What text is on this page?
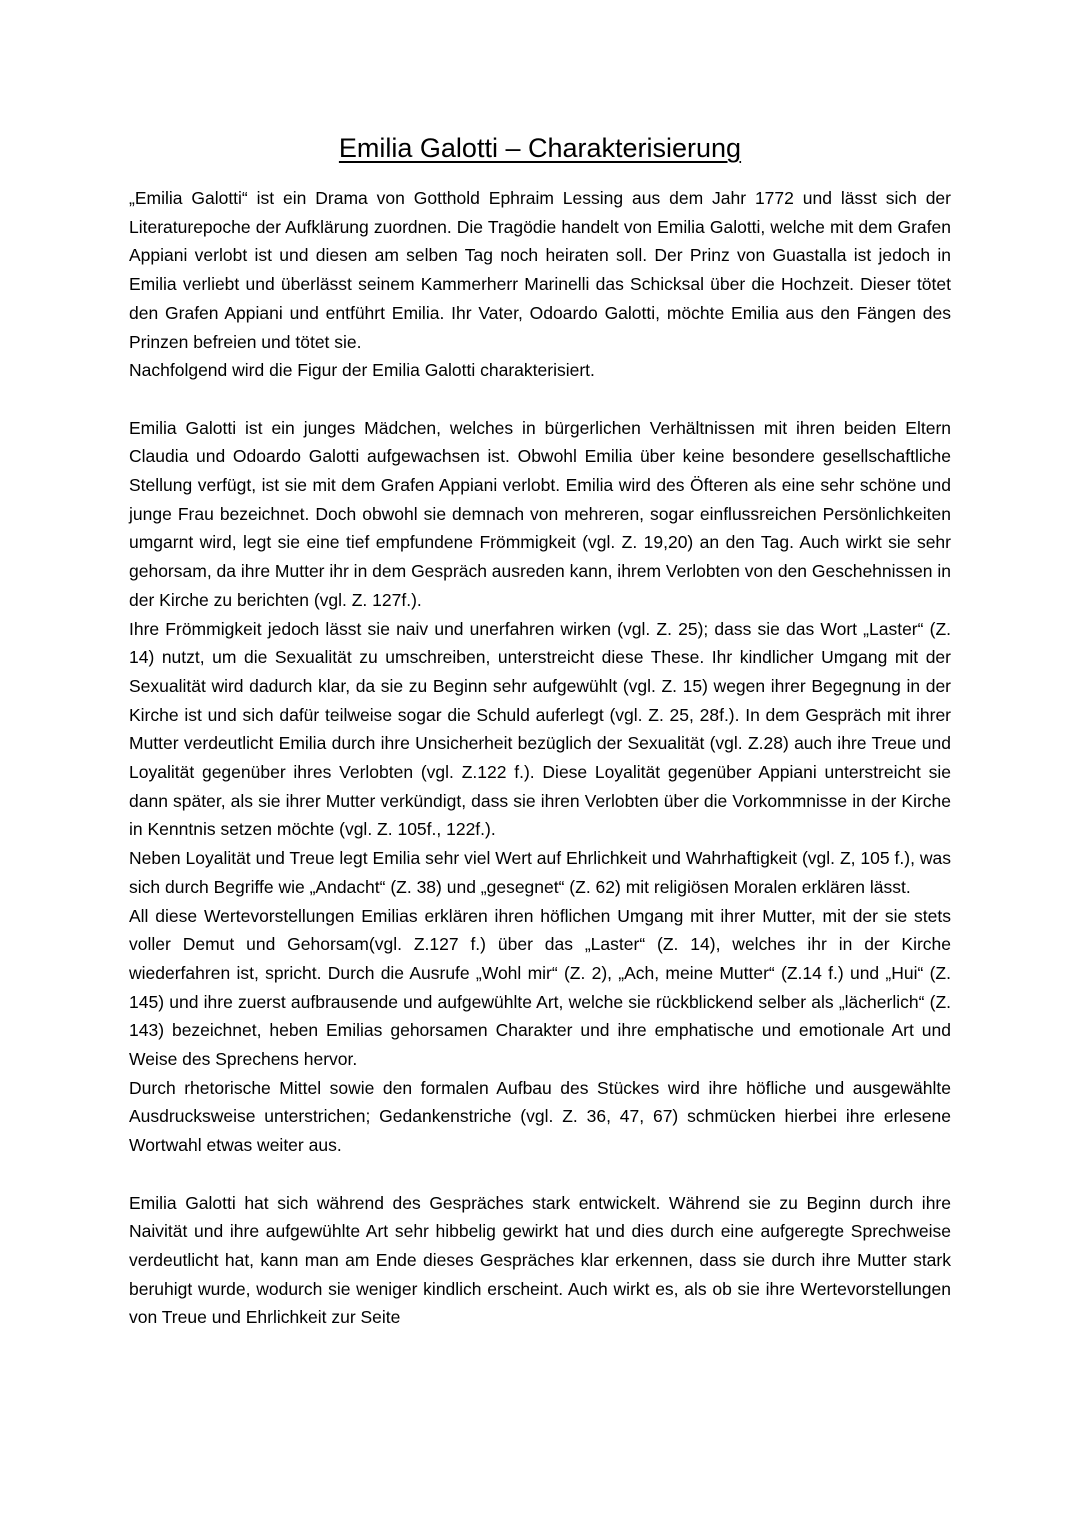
Emilia Galotti – Charakterisierung

„Emilia Galotti“ ist ein Drama von Gotthold Ephraim Lessing aus dem Jahr 1772 und lässt sich der Literaturepoche der Aufklärung zuordnen. Die Tragödie handelt von Emilia Galotti, welche mit dem Grafen Appiani verlobt ist und diesen am selben Tag noch heiraten soll. Der Prinz von Guastalla ist jedoch in Emilia verliebt und überlässt seinem Kammerherr Marinelli das Schicksal über die Hochzeit. Dieser tötet den Grafen Appiani und entführt Emilia. Ihr Vater, Odoardo Galotti, möchte Emilia aus den Fängen des Prinzen befreien und tötet sie.

Nachfolgend wird die Figur der Emilia Galotti charakterisiert.

Emilia Galotti ist ein junges Mädchen, welches in bürgerlichen Verhältnissen mit ihren beiden Eltern Claudia und Odoardo Galotti aufgewachsen ist. Obwohl Emilia über keine besondere gesellschaftliche Stellung verfügt, ist sie mit dem Grafen Appiani verlobt. Emilia wird des Öfteren als eine sehr schöne und junge Frau bezeichnet. Doch obwohl sie demnach von mehreren, sogar einflussreichen Persönlichkeiten umgarnt wird, legt sie eine tief empfundene Frömmigkeit (vgl. Z. 19,20) an den Tag. Auch wirkt sie sehr gehorsam, da ihre Mutter ihr in dem Gespräch ausreden kann, ihrem Verlobten von den Geschehnissen in der Kirche zu berichten (vgl. Z. 127f.).

Ihre Frömmigkeit jedoch lässt sie naiv und unerfahren wirken (vgl. Z. 25); dass sie das Wort „Laster“ (Z. 14) nutzt, um die Sexualität zu umschreiben, unterstreicht diese These. Ihr kindlicher Umgang mit der Sexualität wird dadurch klar, da sie zu Beginn sehr aufgewühlt (vgl. Z. 15) wegen ihrer Begegnung in der Kirche ist und sich dafür teilweise sogar die Schuld auferlegt (vgl. Z. 25, 28f.). In dem Gespräch mit ihrer Mutter verdeutlicht Emilia durch ihre Unsicherheit bezüglich der Sexualität (vgl. Z.28) auch ihre Treue und Loyalität gegenüber ihres Verlobten (vgl. Z.122 f.). Diese Loyalität gegenüber Appiani unterstreicht sie dann später, als sie ihrer Mutter verkündigt, dass sie ihren Verlobten über die Vorkommnisse in der Kirche in Kenntnis setzen möchte (vgl. Z. 105f., 122f.).

Neben Loyalität und Treue legt Emilia sehr viel Wert auf Ehrlichkeit und Wahrhaftigkeit (vgl. Z, 105 f.), was sich durch Begriffe wie „Andacht“ (Z. 38) und „gesegnet“ (Z. 62) mit religiösen Moralen erklären lässt.

All diese Wertevorstellungen Emilias erklären ihren höflichen Umgang mit ihrer Mutter, mit der sie stets voller Demut und Gehorsam(vgl. Z.127 f.) über das „Laster“ (Z. 14), welches ihr in der Kirche wiederfahren ist, spricht. Durch die Ausrufe „Wohl mir“ (Z. 2), „Ach, meine Mutter“ (Z.14 f.) und „Hui“ (Z. 145) und ihre zuerst aufbrausende und aufgewühlte Art, welche sie rückblickend selber als „lächerlich“ (Z. 143) bezeichnet, heben Emilias gehorsamen Charakter und ihre emphatische und emotionale Art und Weise des Sprechens hervor.

Durch rhetorische Mittel sowie den formalen Aufbau des Stückes wird ihre höfliche und ausgewählte Ausdrucksweise unterstrichen; Gedankenstriche (vgl. Z. 36, 47, 67) schmücken hierbei ihre erlesene Wortwahl etwas weiter aus.

Emilia Galotti hat sich während des Gespräches stark entwickelt. Während sie zu Beginn durch ihre Naivität und ihre aufgewühlte Art sehr hibbelig gewirkt hat und dies durch eine aufgeregte Sprechweise verdeutlicht hat, kann man am Ende dieses Gespräches klar erkennen, dass sie durch ihre Mutter stark beruhigt wurde, wodurch sie weniger kindlich erscheint. Auch wirkt es, als ob sie ihre Wertevorstellungen von Treue und Ehrlichkeit zur Seite
